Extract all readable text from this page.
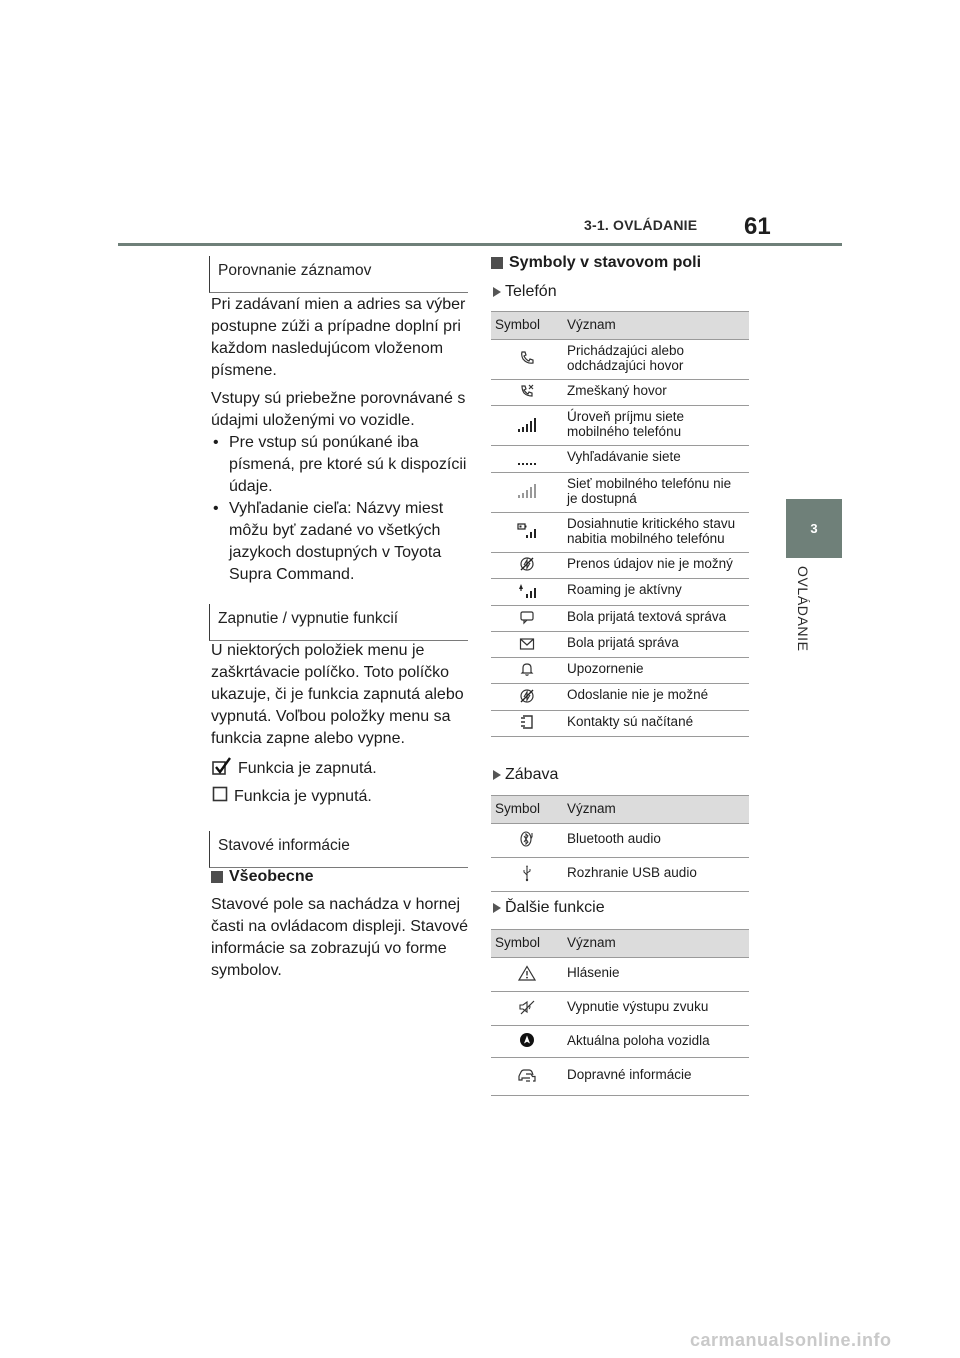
3-1. OVLÁDANIE 61
3
OVLÁDANIE
Porovnanie záznamov

Pri zadávaní mien a adries sa výber postupne zúži a prípadne doplní pri každom nasledujúcom vloženom písmene.

Vstupy sú priebežne porovnávané s údajmi uloženými vo vozidle.

• Pre vstup sú ponúkané iba písmená, pre ktoré sú k dispozícii údaje.
• Vyhľadanie cieľa: Názvy miest môžu byť zadané vo všetkých jazykoch dostupných v Toyota Supra Command.
Zapnutie / vypnutie funkcií

U niektorých položiek menu je zaškrtávacie políčko. Toto políčko ukazuje, či je funkcia zapnutá alebo vypnutá. Voľbou položky menu sa funkcia zapne alebo vypne.

Funkcia je zapnutá.
Funkcia je vypnutá.
Stavové informácie
Všeobecne

Stavové pole sa nachádza v hornej časti na ovládacom displeji. Stavové informácie sa zobrazujú vo forme symbolov.

Symboly v stavovom poli
Telefón
Symbol	Význam
	Prichádzajúci alebo odchádzajúci hovor
	Zmeškaný hovor
	Úroveň príjmu siete mobilného telefónu
	Vyhľadávanie siete
	Sieť mobilného telefónu nie je dostupná
	Dosiahnutie kritického stavu nabitia mobilného telefónu
	Prenos údajov nie je možný
	Roaming je aktívny
	Bola prijatá textová správa
	Bola prijatá správa
	Upozornenie
	Odoslanie nie je možné
	Kontakty sú načítané
Zábava
Symbol	Význam
	Bluetooth audio
	Rozhranie USB audio
Ďalšie funkcie
Symbol	Význam
	Hlásenie
	Vypnutie výstupu zvuku
	Aktuálna poloha vozidla
	Dopravné informácie
carmanualsonline.info
